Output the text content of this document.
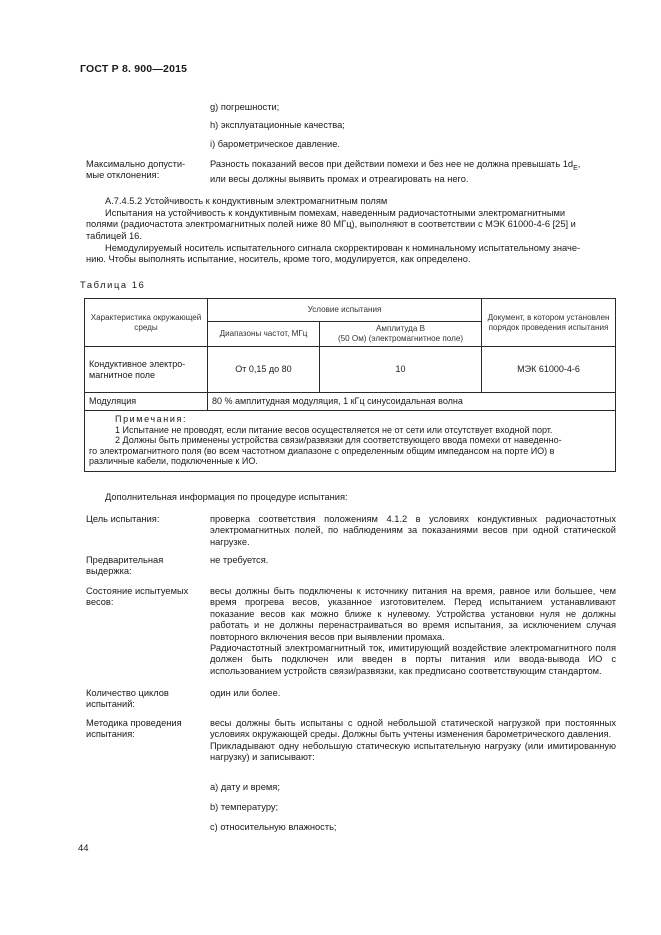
ГОСТ Р 8. 900—2015
g) погрешности;
h) эксплуатационные качества;
i) барометрическое давление.
Максимально допусти-
мые отклонения:
Разность показаний весов при действии помехи и без нее не должна превышать $1d_E$,
или весы должны выявить промах и отреагировать на него.
А.7.4.5.2 Устойчивость к кондуктивным электромагнитным полям
Испытания на устойчивость к кондуктивным помехам, наведенным радиочастотными электромагнитными
полями (радиочастота электромагнитных полей ниже 80 МГц), выполняют в соответствии с МЭК 61000-4-6 [25] и
таблицей 16.
Немодулируемый носитель испытательного сигнала скорректирован к номинальному испытательному значе-
нию. Чтобы выполнять испытание, носитель, кроме того, модулируется, как определено.
Таблица 16
Характеристика окружающей среды	Условие испытания		Документ, в котором установлен порядок проведения испытания
	Диапазоны частот, МГц	Амплитуда В
(50 Ом) (электромагнитное поле)	

Кондуктивное электро-магнитное поле	От 0,15 до 80	10	МЭК 61000-4-6
Модуляция	80 % амплитудная модуляция, 1 кГц синусоидальная волна		

Примечания:
1 Испытание не проводят, если питание весов осуществляется не от сети или отсутствует входной порт.
2 Должны быть применены устройства связи/развязки для соответствующего ввода помехи от наведенно-
го электромагнитного поля (во всем частотном диапазоне с определенным общим импедансом на порте ИО) в
различные кабели, подключенные к ИО.			
Дополнительная информация по процедуре испытания:
Цель испытания:	проверка соответствия положениям 4.1.2 в условиях кондуктивных радиочастотных электромагнитных полей, по наблюдениям за показаниями весов при одной статической нагрузке.
Предварительная выдержка:
не требуется.
Состояние испытуемых весов:
весы должны быть подключены к источнику питания на время, равное или большее, чем время прогрева весов, указанное изготовителем. Перед испытанием устанавливают показание весов как можно ближе к нулевому. Устройства установки нуля не должны работать и не должны перенастраиваться во время испытания, за исключением случая повторного включения весов при выявлении промаха.
Радиочастотный электромагнитный ток, имитирующий воздействие электромагнитного поля должен быть подключен или введен в порты питания или ввода-вывода ИО с использованием устройств связи/развязки, как предписано соответствующим стандартом.
Количество циклов испытаний:
один или более.
Методика проведения испытания:
весы должны быть испытаны с одной небольшой статической нагрузкой при постоянных условиях окружающей среды. Должны быть учтены изменения барометрического давления.
Прикладывают одну небольшую статическую испытательную нагрузку (или имитированную нагрузку) и записывают:
а) дату и время;
b) температуру;
c) относительную влажность;
44
